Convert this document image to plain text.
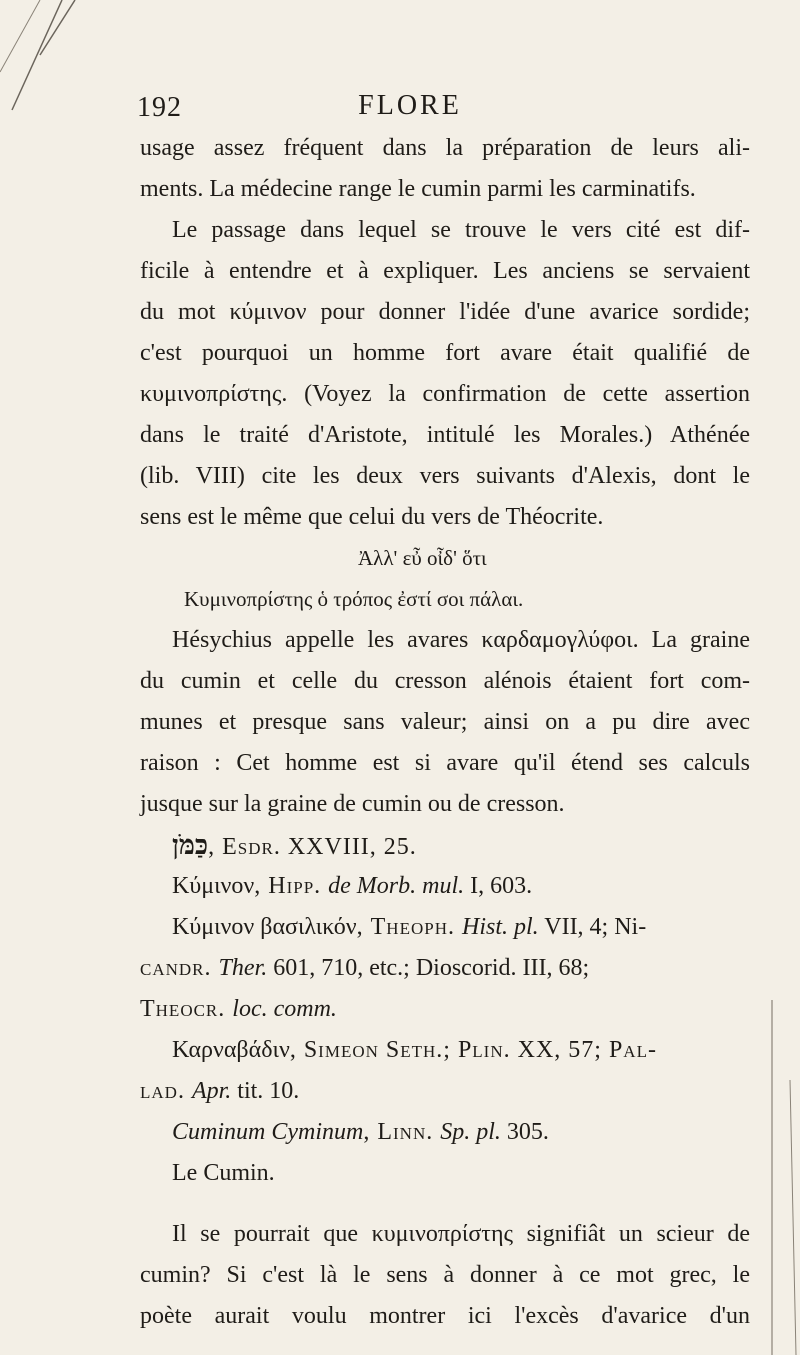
192	FLORE
usage assez fréquent dans la préparation de leurs ali-
ments. La médecine range le cumin parmi les carminatifs.
Le passage dans lequel se trouve le vers cité est dif-
ficile à entendre et à expliquer. Les anciens se servaient
du mot κύμινον pour donner l'idée d'une avarice sordide;
c'est pourquoi un homme fort avare était qualifié de
κυμινοπρίστης. (Voyez la confirmation de cette assertion
dans le traité d'Aristote, intitulé les Morales.) Athénée
(lib. VIII) cite les deux vers suivants d'Alexis, dont le
sens est le même que celui du vers de Théocrite.
Ἀλλ' εὖ οἶδ' ὅτι
Κυμινοπρίστης ὁ τρόπος ἐστί σοι πάλαι.
Hésychius appelle les avares καρδαμογλύφοι. La graine
du cumin et celle du cresson alénois étaient fort com-
munes et presque sans valeur; ainsi on a pu dire avec
raison : Cet homme est si avare qu'il étend ses calculs
jusque sur la graine de cumin ou de cresson.
כַּמֹּן, Esdr. XXVIII, 25.
Κύμινον, Hipp. de Morb. mul. I, 603.
Κύμινον βασιλικόν, Theoph. Hist. pl. VII, 4; Ni-
candr. Ther. 601, 710, etc.; Dioscorid. III, 68;
Theocr. loc. comm.
Καρναβάδιν, Simeon Seth.; Plin. XX, 57; Pal-
lad. Apr. tit. 10.
Cuminum Cyminum, Linn. Sp. pl. 305.
Le Cumin.
Il se pourrait que κυμινοπρίστης signifiât un scieur de
cumin? Si c'est là le sens à donner à ce mot grec, le
poète aurait voulu montrer ici l'excès d'avarice d'un
